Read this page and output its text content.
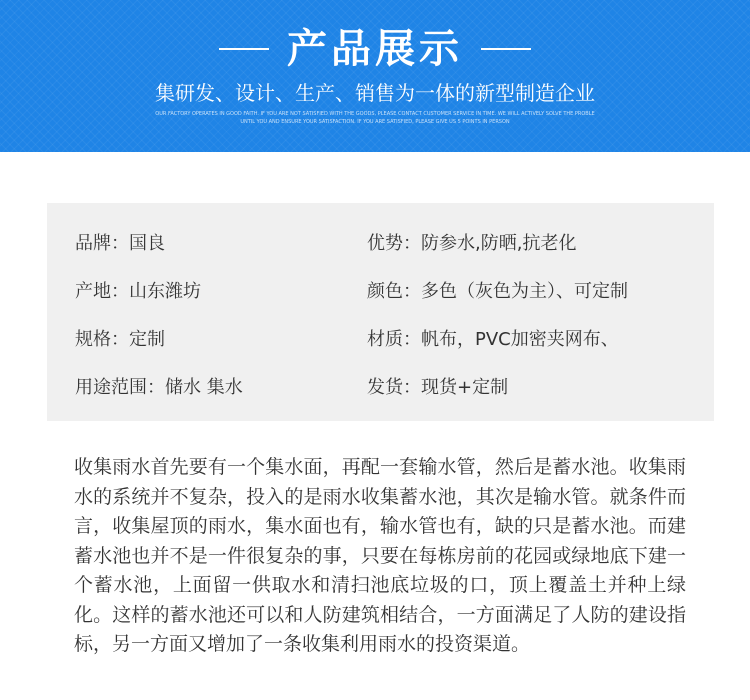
产品展示
集研发、设计、生产、销售为一体的新型制造企业
OUR FACTORY OPERATES IN GOOD FAITH. IF YOU ARE NOT SATISFIED WITH THE GOODS, PLEASE CONTACT CUSTOMER SERVICE IN TIME. WE WILL ACTIVELY SOLVE THE PROBLE
UNTIL YOU AND ENSURE YOUR SATISFACTION. IF YOU ARE SATISFIED, PLEASE GIVE US 5 POINTS IN PERSON
品牌：国良
产地：山东潍坊
规格：定制
用途范围：储水 集水
优势：防参水,防晒,抗老化
颜色：多色（灰色为主）、可定制
材质：帆布，PVC加密夹网布、
发货：现货+定制
收集雨水首先要有一个集水面，再配一套输水管，然后是蓄水池。收集雨水的系统并不复杂，投入的是雨水收集蓄水池，其次是输水管。就条件而言，收集屋顶的雨水，集水面也有，输水管也有，缺的只是蓄水池。而建蓄水池也并不是一件很复杂的事，只要在每栋房前的花园或绿地底下建一个蓄水池，上面留一供取水和清扫池底垃圾的口，顶上覆盖土并种上绿化。这样的蓄水池还可以和人防建筑相结合，一方面满足了人防的建设指标，另一方面又增加了一条收集利用雨水的投资渠道。
